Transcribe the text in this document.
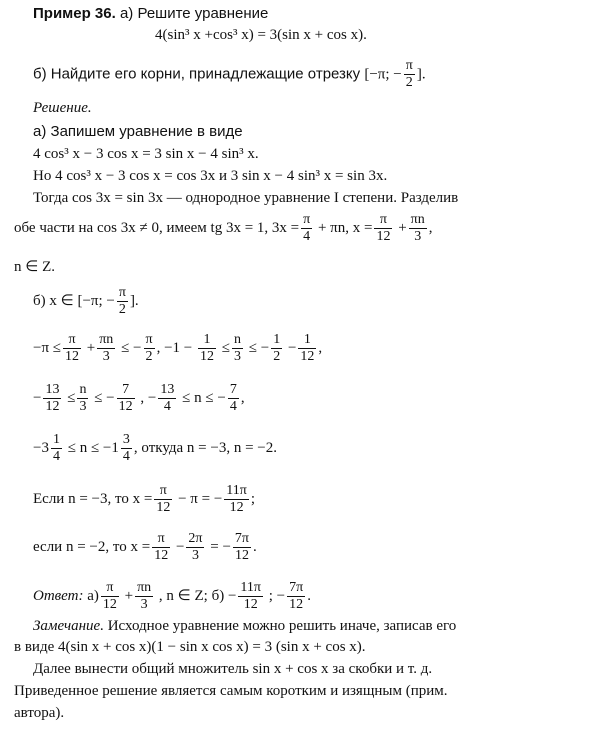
Пример 36. а) Решите уравнение
4(sin³ x +cos³ x) = 3(sin x + cos x).
б) Найдите его корни, принадлежащие отрезку [−π; − $\frac{\pi}{2}$ ].
Решение.
а) Запишем уравнение в виде
4 cos³ x − 3 cos x = 3 sin x − 4 sin³ x.
Но 4 cos³ x − 3 cos x = cos 3x и 3 sin x − 4 sin³ x = sin 3x.
Тогда cos 3x = sin 3x — однородное уравнение I степени. Разделив
обе части на cos 3x ≠ 0, имеем tg 3x = 1, $3x = \frac{\pi}{4} + \pi n$, $x = \frac{\pi}{12} + \frac{\pi n}{3}$ ,
n ∈ Z.
б) x ∈ [−π; − $\frac{\pi}{2}$ ].
$-\pi \le \frac{\pi}{12} + \frac{\pi n}{3}$ ≤ − $\frac{\pi}{2}$ , $-1 - \frac{1}{12} \le \frac{n}{3}$ ≤ − $\frac{1}{2} - \frac{1}{12}$ ,
− $\frac{13}{12} \le \frac{n}{3}$ ≤ − $\frac{7}{12}$ , − $\frac{13}{4} \le n$ ≤ − $\frac{7}{4}$ ,
$-3 \frac{1}{4} \le n \le -1 \frac{3}{4}$ , откуда n = −3, n = −2.
Если n = −3, то $x = \frac{\pi}{12} - \pi$ = − $\frac{11\pi}{12}$ ;
если n = −2, то $x = \frac{\pi}{12} - \frac{2\pi}{3}$ = − $\frac{7\pi}{12}$ .
Ответ: $а) \frac{\pi}{12} + \frac{\pi n}{3}$ , n ∈ Z; $б) - \frac{11\pi}{12}$ ; − $\frac{7\pi}{12}$ .
Замечание. Исходное уравнение можно решить иначе, записав его
в виде 4(sin x + cos x)(1 − sin x cos x) = 3 (sin x + cos x).
Далее вынести общий множитель sin x + cos x за скобки и т. д.
Приведенное решение является самым коротким и изящным (прим.
автора).
